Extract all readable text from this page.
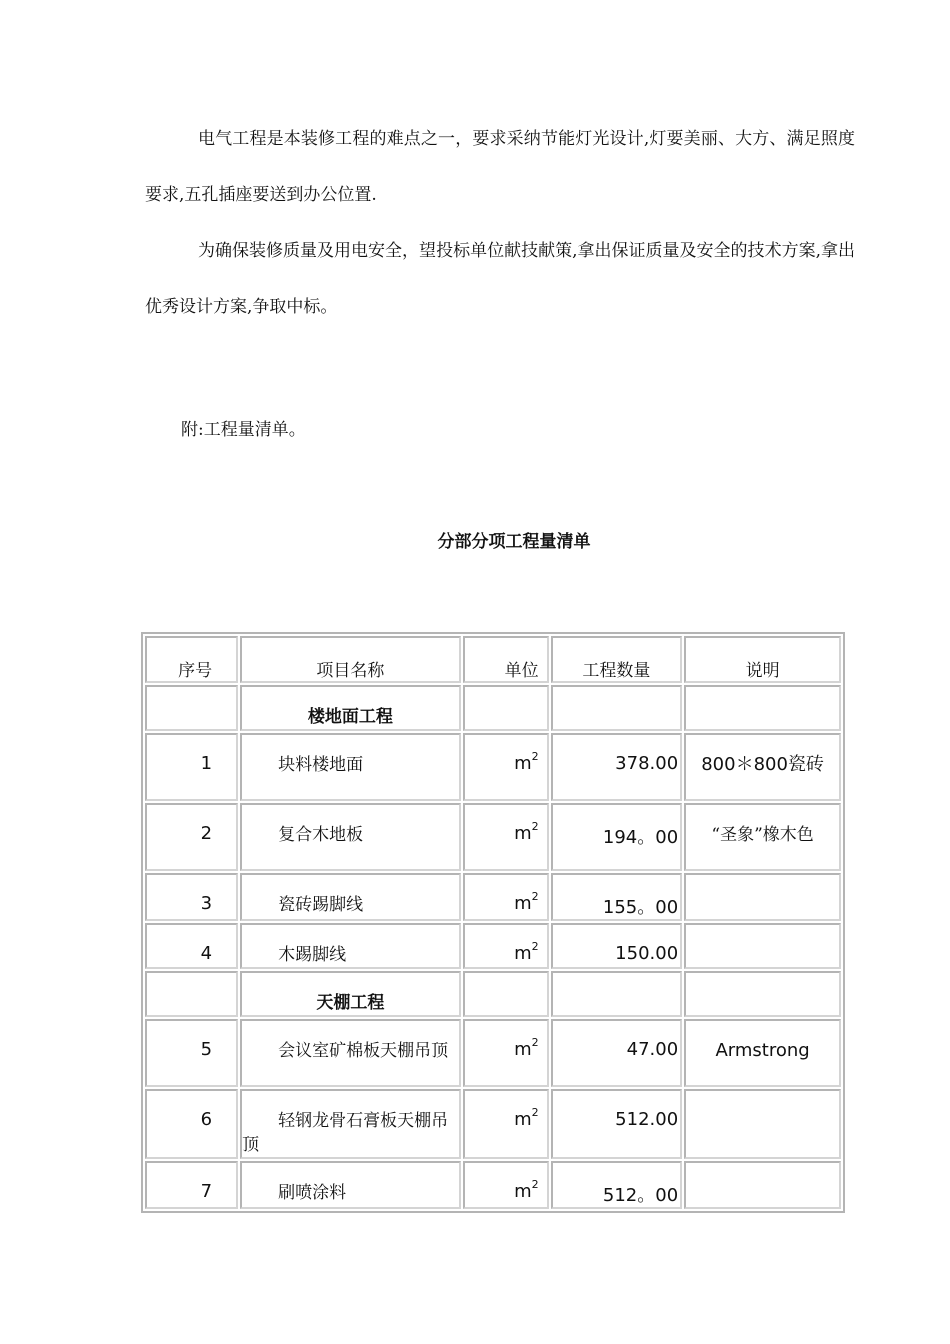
电气工程是本装修工程的难点之一，要求采纳节能灯光设计,灯要美丽、大方、满足照度要求,五孔插座要送到办公位置.

为确保装修质量及用电安全，望投标单位献技献策,拿出保证质量及安全的技术方案,拿出优秀设计方案,争取中标。

附:工程量清单。
分部分项工程量清单
序号	项目名称	单位	工程数量	说明
	楼地面工程			
1	块料楼地面	$m^2$	378.00	800＊800瓷砖
2	复合木地板	$m^2$	194。00	“圣象”橡木色
3	瓷砖踢脚线	$m^2$	155。00	
4	木踢脚线	$m^2$	150.00	
	天棚工程			
5	会议室矿棉板天棚吊顶	$m^2$	47.00	Armstrong
6	轻钢龙骨石膏板天棚吊顶	$m^2$	512.00	
7	刷喷涂料	$m^2$	512。00	
